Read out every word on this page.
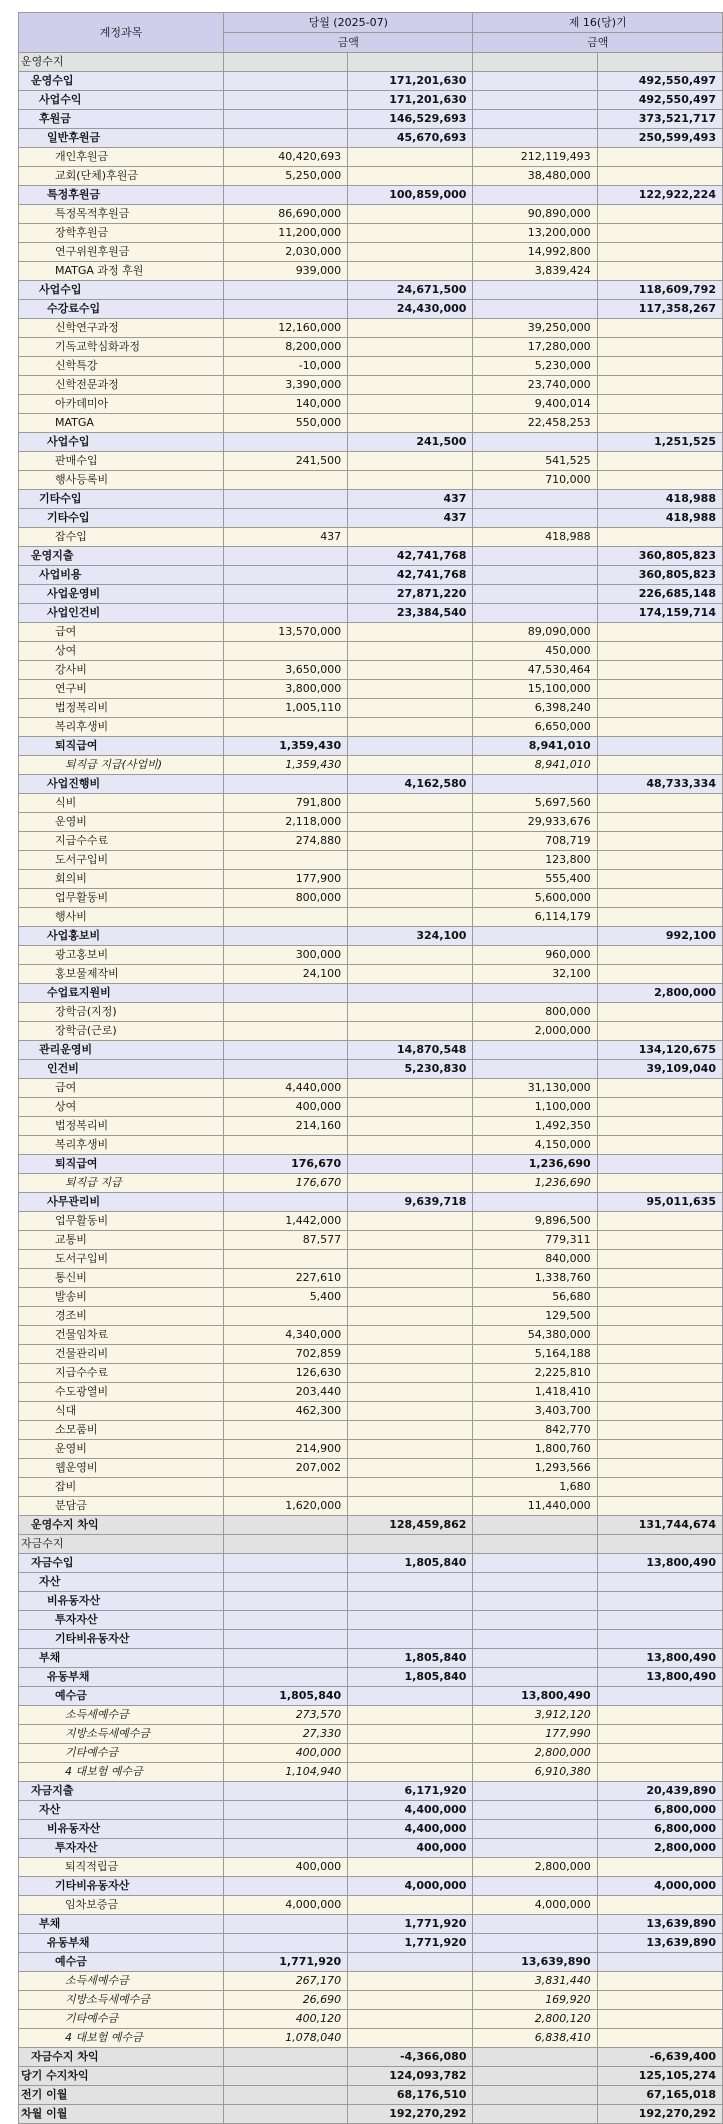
계정과목	당월 (2025-07)		제 16(당)기	
	금액		금액	
운영수지				
운영수입		171,201,630		492,550,497
사업수익		171,201,630		492,550,497
후원금		146,529,693		373,521,717
일반후원금		45,670,693		250,599,493
개인후원금	40,420,693		212,119,493	
교회(단체)후원금	5,250,000		38,480,000	
특정후원금		100,859,000		122,922,224
특정목적후원금	86,690,000		90,890,000	
장학후원금	11,200,000		13,200,000	
연구위원후원금	2,030,000		14,992,800	
MATGA 과정 후원	939,000		3,839,424	
사업수입		24,671,500		118,609,792
수강료수입		24,430,000		117,358,267
신학연구과정	12,160,000		39,250,000	
기독교학심화과정	8,200,000		17,280,000	
신학특강	-10,000		5,230,000	
신학전문과정	3,390,000		23,740,000	
아카데미아	140,000		9,400,014	
MATGA	550,000		22,458,253	
사업수입		241,500		1,251,525
판매수입	241,500		541,525	
행사등록비			710,000	
기타수입		437		418,988
기타수입		437		418,988
잡수입	437		418,988	
운영지출		42,741,768		360,805,823
사업비용		42,741,768		360,805,823
사업운영비		27,871,220		226,685,148
사업인건비		23,384,540		174,159,714
급여	13,570,000		89,090,000	
상여			450,000	
강사비	3,650,000		47,530,464	
연구비	3,800,000		15,100,000	
법정복리비	1,005,110		6,398,240	
복리후생비			6,650,000	
퇴직급여	1,359,430		8,941,010	
퇴직급 지급(사업비)	1,359,430		8,941,010	
사업진행비		4,162,580		48,733,334
식비	791,800		5,697,560	
운영비	2,118,000		29,933,676	
지급수수료	274,880		708,719	
도서구입비			123,800	
회의비	177,900		555,400	
업무활동비	800,000		5,600,000	
행사비			6,114,179	
사업홍보비		324,100		992,100
광고홍보비	300,000		960,000	
홍보물제작비	24,100		32,100	
수업료지원비				2,800,000
장학금(지정)			800,000	
장학금(근로)			2,000,000	
관리운영비		14,870,548		134,120,675
인건비		5,230,830		39,109,040
급여	4,440,000		31,130,000	
상여	400,000		1,100,000	
법정복리비	214,160		1,492,350	
복리후생비			4,150,000	
퇴직급여	176,670		1,236,690	
퇴직급 지급	176,670		1,236,690	
사무관리비		9,639,718		95,011,635
업무활동비	1,442,000		9,896,500	
교통비	87,577		779,311	
도서구입비			840,000	
통신비	227,610		1,338,760	
발송비	5,400		56,680	
경조비			129,500	
건물임차료	4,340,000		54,380,000	
건물관리비	702,859		5,164,188	
지급수수료	126,630		2,225,810	
수도광열비	203,440		1,418,410	
식대	462,300		3,403,700	
소모품비			842,770	
운영비	214,900		1,800,760	
웹운영비	207,002		1,293,566	
잡비			1,680	
분담금	1,620,000		11,440,000	
운영수지 차익		128,459,862		131,744,674
자금수지				
자금수입		1,805,840		13,800,490
자산				
비유동자산				
투자자산				
기타비유동자산				
부채		1,805,840		13,800,490
유동부채		1,805,840		13,800,490
예수금	1,805,840		13,800,490	
소득세예수금	273,570		3,912,120	
지방소득세예수금	27,330		177,990	
기타예수금	400,000		2,800,000	
4 대보험 예수금	1,104,940		6,910,380	
자금지출		6,171,920		20,439,890
자산		4,400,000		6,800,000
비유동자산		4,400,000		6,800,000
투자자산		400,000		2,800,000
퇴직적립금	400,000		2,800,000	
기타비유동자산		4,000,000		4,000,000
임차보증금	4,000,000		4,000,000	
부채		1,771,920		13,639,890
유동부채		1,771,920		13,639,890
예수금	1,771,920		13,639,890	
소득세예수금	267,170		3,831,440	
지방소득세예수금	26,690		169,920	
기타예수금	400,120		2,800,120	
4 대보험 예수금	1,078,040		6,838,410	
자금수지 차익		-4,366,080		-6,639,400
당기 수지차익		124,093,782		125,105,274
전기 이월		68,176,510		67,165,018
차월 이월		192,270,292		192,270,292
